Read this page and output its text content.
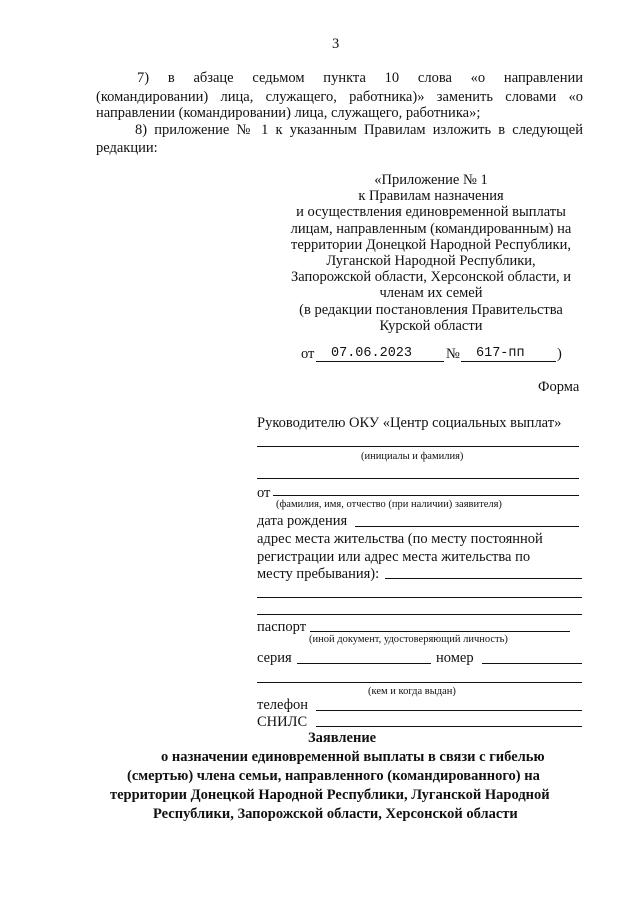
3
7) в абзаце седьмом пункта 10 слова «о направлении
(командировании) лица, служащего, работника)» заменить словами «о
направлении (командировании) лица, служащего, работника»;
8) приложение № 1 к указанным Правилам изложить в следующей
редакции:
«Приложение № 1
к Правилам назначения
и осуществления единовременной выплаты
лицам, направленным (командированным) на
территории Донецкой Народной Республики,
Луганской Народной Республики,
Запорожской области, Херсонской области, и
членам их семей
(в редакции постановления Правительства
Курской области
от 07.06.2023 № 617-пп )
Форма
Руководителю ОКУ «Центр социальных выплат»
(инициалы и фамилия)
от
(фамилия, имя, отчество (при наличии) заявителя)
дата рождения
адрес места жительства (по месту постоянной
регистрации или адрес места жительства по
месту пребывания):
паспорт
(иной документ, удостоверяющий личность)
серия	номер
(кем и когда выдан)
телефон
СНИЛС
Заявление
о назначении единовременной выплаты в связи с гибелью
(смертью) члена семьи, направленного (командированного) на
территории Донецкой Народной Республики, Луганской Народной
Республики, Запорожской области, Херсонской области
